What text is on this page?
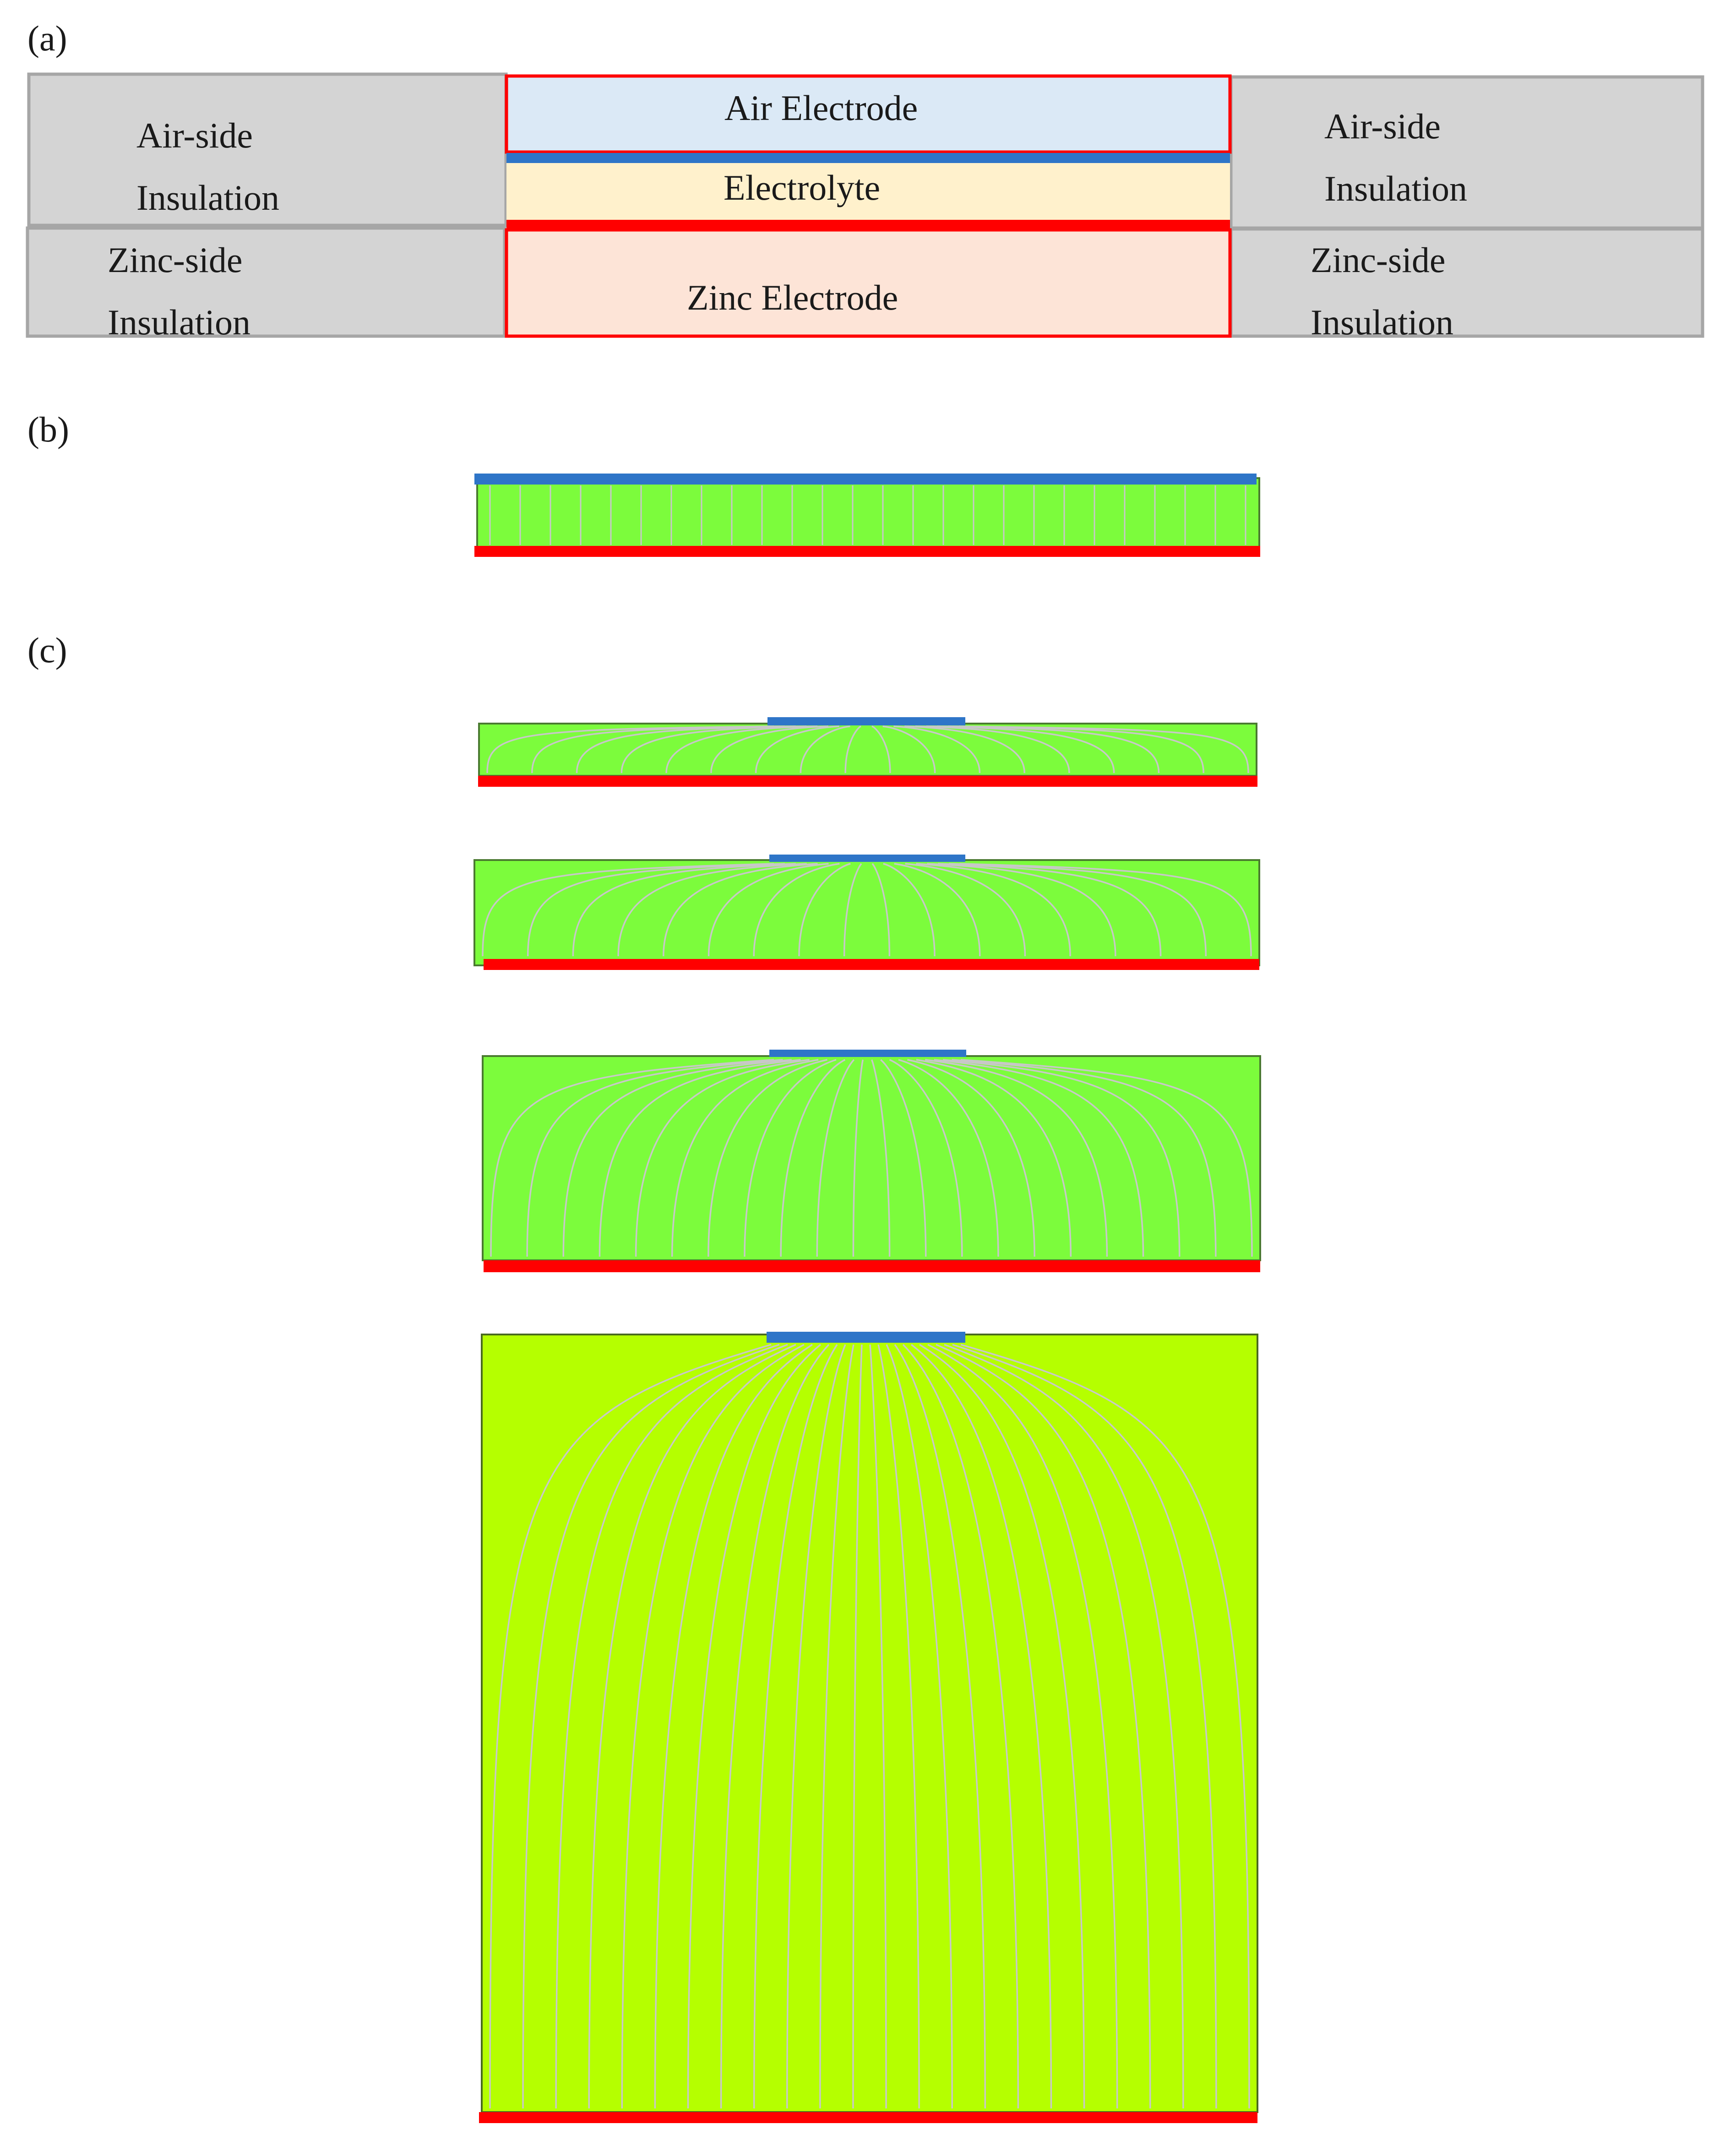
(a)
Air-side
Insulation
Zinc-side
Insulation
Air-side
Insulation
Zinc-side
Insulation
Air Electrode
Electrolyte
Zinc Electrode
(b)
(c)
